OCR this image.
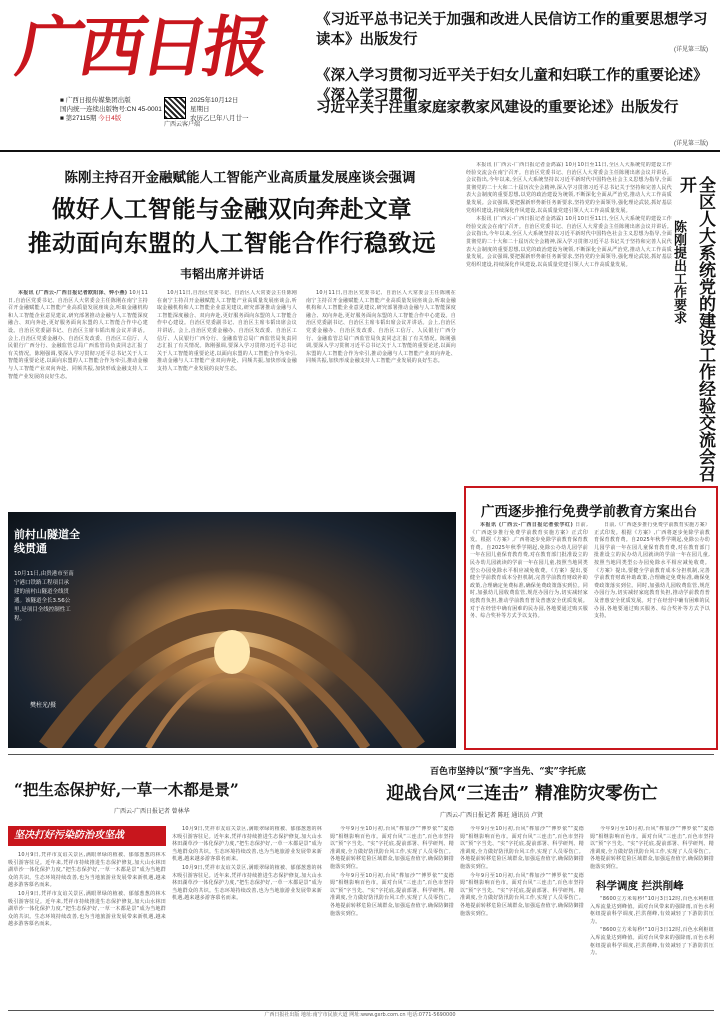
广西日报
■ 广西日报传媒集团出版
国内统一连续出版物号:CN 45-0001
■ 第27115期 今日4版
广西云客户端
2025年10月12日
星期日
农历乙巳年八月廿一
《习近平总书记关于加强和改进人民信访工作的重要思想学习读本》出版发行
(详见第三版)
《深入学习贯彻习近平关于妇女儿童和妇联工作的重要论述》《深入学习贯彻
习近平关于注重家庭家教家风建设的重要论述》出版发行
(详见第三版)
陈刚主持召开金融赋能人工智能产业高质量发展座谈会强调
做好人工智能与金融双向奔赴文章
推动面向东盟的人工智能合作行稳致远
韦韬出席并讲话

本报讯 (广西云-广西日报记者欧阳泽、钟小燕) 10月11日,自治区党委书记、自治区人大常委会主任陈刚在南宁主持召开金融赋能人工智能产业高质量发展座谈会,听取金融机构和人工智能企业意见建议,研究部署推动金融与人工智能深度融合、双向奔赴,更好服务面向东盟的人工智能合作中心建设。自治区党委副书记、自治区主席韦韬出席会议并讲话。会上,自治区党委金融办、自治区发改委、自治区工信厅、人民银行广西分行、金融监管总局广西监管局负责同志汇报了有关情况。陈刚强调,要深入学习贯彻习近平总书记关于人工智能的重要论述,以面向东盟的人工智能合作为牵引,推动金融与人工智能产业双向奔赴、同频共振,加快形成金融支持人工智能产业发展的良好生态。

10月11日,自治区党委书记、自治区人大常委会主任陈刚在南宁主持召开金融赋能人工智能产业高质量发展座谈会,听取金融机构和人工智能企业意见建议,研究部署推动金融与人工智能深度融合、双向奔赴,更好服务面向东盟的人工智能合作中心建设。自治区党委副书记、自治区主席韦韬出席会议并讲话。会上,自治区党委金融办、自治区发改委、自治区工信厅、人民银行广西分行、金融监管总局广西监管局负责同志汇报了有关情况。陈刚强调,要深入学习贯彻习近平总书记关于人工智能的重要论述,以面向东盟的人工智能合作为牵引,推动金融与人工智能产业双向奔赴、同频共振,加快形成金融支持人工智能产业发展的良好生态。

10月11日,自治区党委书记、自治区人大常委会主任陈刚在南宁主持召开金融赋能人工智能产业高质量发展座谈会,听取金融机构和人工智能企业意见建议,研究部署推动金融与人工智能深度融合、双向奔赴,更好服务面向东盟的人工智能合作中心建设。自治区党委副书记、自治区主席韦韬出席会议并讲话。会上,自治区党委金融办、自治区发改委、自治区工信厅、人民银行广西分行、金融监管总局广西监管局负责同志汇报了有关情况。陈刚强调,要深入学习贯彻习近平总书记关于人工智能的重要论述,以面向东盟的人工智能合作为牵引,推动金融与人工智能产业双向奔赴、同频共振,加快形成金融支持人工智能产业发展的良好生态。

本报讯 (广西云-广西日报记者金鸿霖) 10月10日至11日,全区人大系统党的建设工作经验交流会在南宁召开。自治区党委书记、自治区人大常委会主任陈刚出席会议并讲话。会议指出,今年以来,全区人大系统坚持以习近平新时代中国特色社会主义思想为指导,全面贯彻党的二十大和二十届历次全会精神,深入学习贯彻习近平总书记关于坚持和完善人民代表大会制度的重要思想,以党的政治建设为统领,不断深化全面从严治党,推动人大工作高质量发展。会议强调,要把握新形势新任务新要求,坚持党的全面领导,强化理论武装,抓好基层党组织建设,持续深化作风建设,以高质量党建引领人大工作高质量发展。

本报讯 (广西云-广西日报记者金鸿霖) 10月10日至11日,全区人大系统党的建设工作经验交流会在南宁召开。自治区党委书记、自治区人大常委会主任陈刚出席会议并讲话。会议指出,今年以来,全区人大系统坚持以习近平新时代中国特色社会主义思想为指导,全面贯彻党的二十大和二十届历次全会精神,深入学习贯彻习近平总书记关于坚持和完善人民代表大会制度的重要思想,以党的政治建设为统领,不断深化全面从严治党,推动人大工作高质量发展。会议强调,要把握新形势新任务新要求,坚持党的全面领导,强化理论武装,抓好基层党组织建设,持续深化作风建设,以高质量党建引领人大工作高质量发展。	全区人大系统党的建设工作经验交流会召开
陈刚提出工作要求
前村山隧道全线贯通
10月11日,由贵港市至南宁港口铁路工程项目承建的前村山隧道全线贯通。该隧道全长3.56公里,是项目全线控制性工程。
樊柱光/摄
广西逐步推行免费学前教育方案出台

本报讯 (广西云-广西日报记者张学红) 日前,《广西逐步推行免费学前教育实施方案》正式印发。根据《方案》,广西将逐步免除学前教育保育教育费。自2025年秋季学期起,免除公办幼儿园学前一年在园儿童保育教育费,对在教育部门批准设立的民办幼儿园就读的学前一年在园儿童,按照当地同类型公办园免除水平相应减免收费。《方案》提出,要健全学前教育成本分担机制,完善学前教育财政补助政策,合理确定免费标准,确保免费政策落实到位。同时,加强幼儿园收费监管,规范办园行为,切实减轻家庭教育负担,推动学前教育普及普惠安全优质发展。对于在经营中确有困难的民办园,各地要通过购买服务、综合奖补等方式予以支持。

日前,《广西逐步推行免费学前教育实施方案》正式印发。根据《方案》,广西将逐步免除学前教育保育教育费。自2025年秋季学期起,免除公办幼儿园学前一年在园儿童保育教育费,对在教育部门批准设立的民办幼儿园就读的学前一年在园儿童,按照当地同类型公办园免除水平相应减免收费。《方案》提出,要健全学前教育成本分担机制,完善学前教育财政补助政策,合理确定免费标准,确保免费政策落实到位。同时,加强幼儿园收费监管,规范办园行为,切实减轻家庭教育负担,推动学前教育普及普惠安全优质发展。对于在经营中确有困难的民办园,各地要通过购买服务、综合奖补等方式予以支持。

“把生态保护好,一草一木都是景”
广西云-广西日报记者 曾林华
坚决打好污染防治攻坚战

10月9日,凭祥市友谊关景区,满眼翠绿的植被、郁郁葱葱的林木吸引游客驻足。近年来,凭祥市持续推进生态保护修复,加大山水林田湖草沙一体化保护力度,“把生态保护好,一草一木都是景”成为当地群众的共识。生态环境持续改善,也为当地旅游业发展带来新机遇,越来越多游客慕名而来。

10月9日,凭祥市友谊关景区,满眼翠绿的植被、郁郁葱葱的林木吸引游客驻足。近年来,凭祥市持续推进生态保护修复,加大山水林田湖草沙一体化保护力度,“把生态保护好,一草一木都是景”成为当地群众的共识。生态环境持续改善,也为当地旅游业发展带来新机遇,越来越多游客慕名而来。

10月9日,凭祥市友谊关景区,满眼翠绿的植被、郁郁葱葱的林木吸引游客驻足。近年来,凭祥市持续推进生态保护修复,加大山水林田湖草沙一体化保护力度,“把生态保护好,一草一木都是景”成为当地群众的共识。生态环境持续改善,也为当地旅游业发展带来新机遇,越来越多游客慕名而来。

10月9日,凭祥市友谊关景区,满眼翠绿的植被、郁郁葱葱的林木吸引游客驻足。近年来,凭祥市持续推进生态保护修复,加大山水林田湖草沙一体化保护力度,“把生态保护好,一草一木都是景”成为当地群众的共识。生态环境持续改善,也为当地旅游业发展带来新机遇,越来越多游客慕名而来。

百色市坚持以“预”字当先、“实”字托底
迎战台风“三连击” 精准防灾零伤亡
广西云-广西日报记者 陈旺 通讯员 卢贤

今年9月至10月初,台风“桦加沙”“博罗依”“麦德姆”相继影响百色市。面对台风“三连击”,百色市坚持以“预”字当先、“实”字托底,提前部署、科学研判、精准调度,全力做好防汛防台风工作,实现了人员零伤亡。各地提前转移危险区域群众,加强巡查值守,确保防御措施落实到位。

今年9月至10月初,台风“桦加沙”“博罗依”“麦德姆”相继影响百色市。面对台风“三连击”,百色市坚持以“预”字当先、“实”字托底,提前部署、科学研判、精准调度,全力做好防汛防台风工作,实现了人员零伤亡。各地提前转移危险区域群众,加强巡查值守,确保防御措施落实到位。

今年9月至10月初,台风“桦加沙”“博罗依”“麦德姆”相继影响百色市。面对台风“三连击”,百色市坚持以“预”字当先、“实”字托底,提前部署、科学研判、精准调度,全力做好防汛防台风工作,实现了人员零伤亡。各地提前转移危险区域群众,加强巡查值守,确保防御措施落实到位。

今年9月至10月初,台风“桦加沙”“博罗依”“麦德姆”相继影响百色市。面对台风“三连击”,百色市坚持以“预”字当先、“实”字托底,提前部署、科学研判、精准调度,全力做好防汛防台风工作,实现了人员零伤亡。各地提前转移危险区域群众,加强巡查值守,确保防御措施落实到位。

今年9月至10月初,台风“桦加沙”“博罗依”“麦德姆”相继影响百色市。面对台风“三连击”,百色市坚持以“预”字当先、“实”字托底,提前部署、科学研判、精准调度,全力做好防汛防台风工作,实现了人员零伤亡。各地提前转移危险区域群众,加强巡查值守,确保防御措施落实到位。

科学调度 拦洪削峰

“8600立方米每秒!”10月3日12时,百色水利枢纽入库流量达到峰值。面对台风带来的强降雨,百色水利枢纽提前科学调度,拦洪削峰,有效减轻了下游防洪压力。

“8600立方米每秒!”10月3日12时,百色水利枢纽入库流量达到峰值。面对台风带来的强降雨,百色水利枢纽提前科学调度,拦洪削峰,有效减轻了下游防洪压力。

广西日报社出版 地址:南宁市民族大道 网址:www.gxrb.com.cn 电话:0771-5690000
